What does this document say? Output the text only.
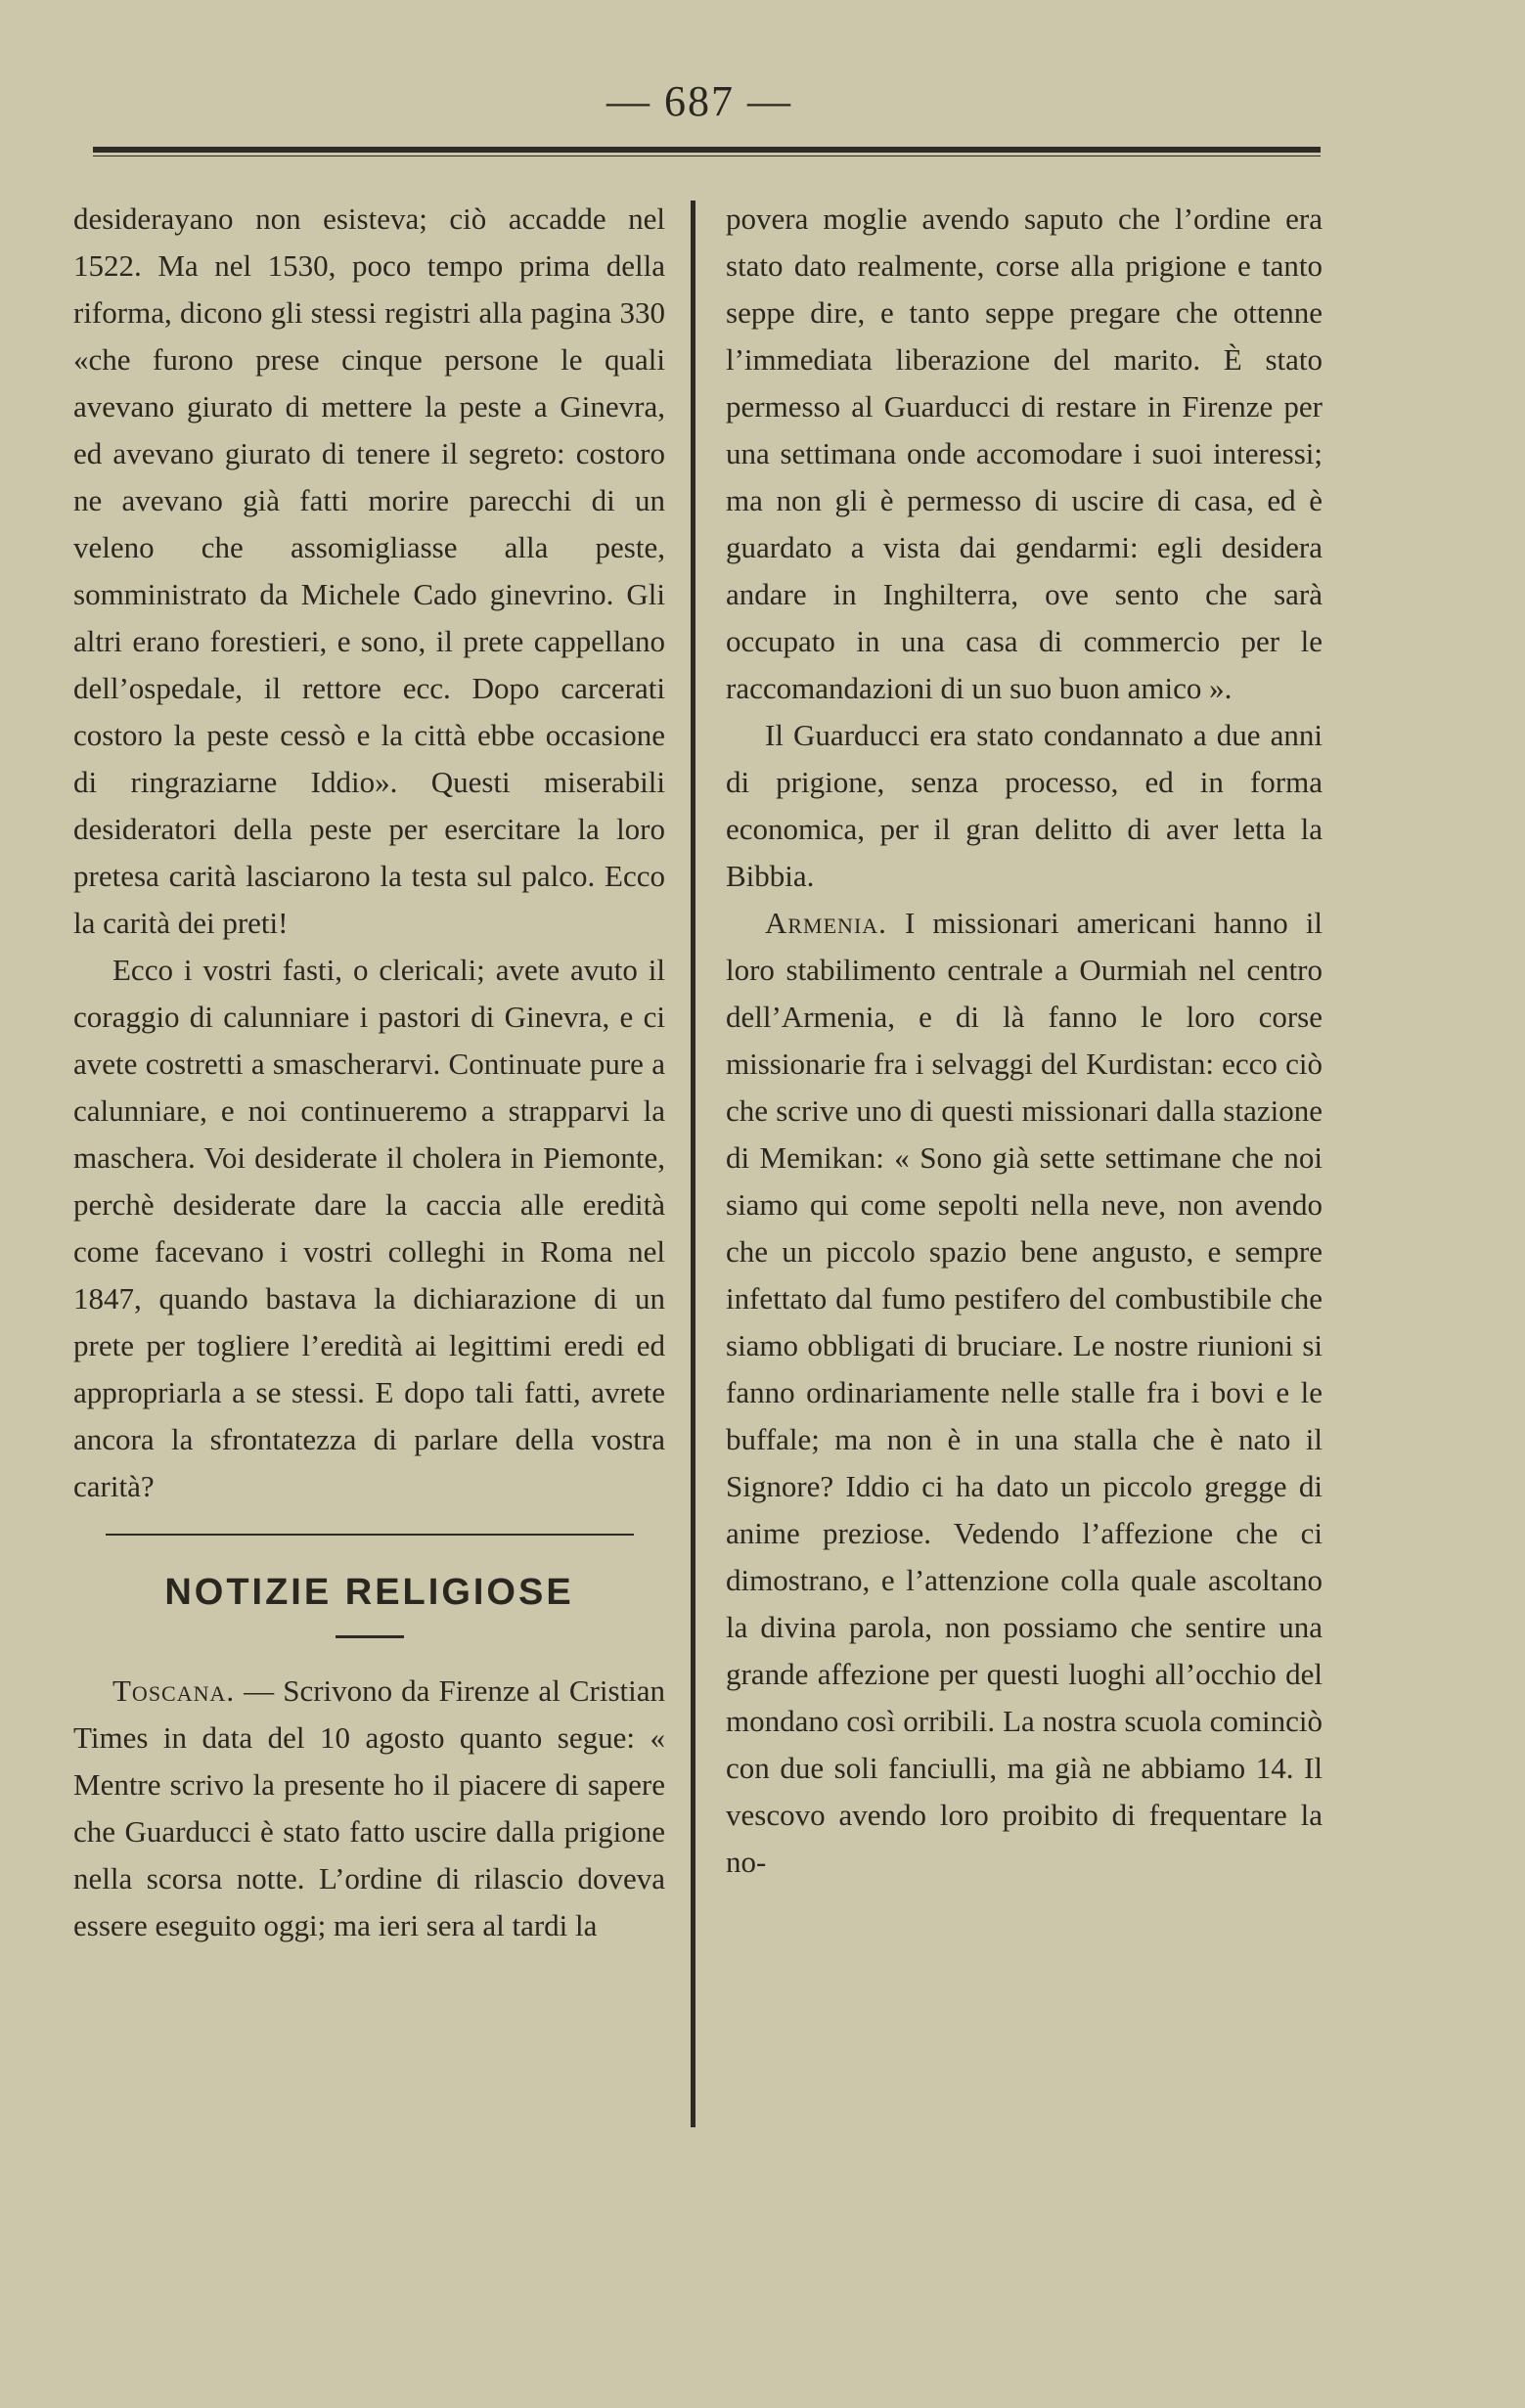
— 687 —

desiderayano non esisteva; ciò accadde nel 1522. Ma nel 1530, poco tempo prima della riforma, dicono gli stessi registri alla pagina 330 «che furono prese cinque persone le quali avevano giurato di mettere la peste a Ginevra, ed avevano giurato di tenere il segreto: costoro ne avevano già fatti morire parecchi di un veleno che assomigliasse alla peste, somministrato da Michele Cado ginevrino. Gli altri erano forestieri, e sono, il prete cappellano dell’ospedale, il rettore ecc. Dopo carcerati costoro la peste cessò e la città ebbe occasione di ringraziarne Iddio». Questi miserabili desideratori della peste per esercitare la loro pretesa carità lasciarono la testa sul palco. Ecco la carità dei preti!

Ecco i vostri fasti, o clericali; avete avuto il coraggio di calunniare i pastori di Ginevra, e ci avete costretti a smascherarvi. Continuate pure a calunniare, e noi continueremo a strapparvi la maschera. Voi desiderate il cholera in Piemonte, perchè desiderate dare la caccia alle eredità come facevano i vostri colleghi in Roma nel 1847, quando bastava la dichiarazione di un prete per togliere l’eredità ai legittimi eredi ed appropriarla a se stessi. E dopo tali fatti, avrete ancora la sfrontatezza di parlare della vostra carità?

NOTIZIE RELIGIOSE

Toscana. — Scrivono da Firenze al Cristian Times in data del 10 agosto quanto segue: « Mentre scrivo la presente ho il piacere di sapere che Guarducci è stato fatto uscire dalla prigione nella scorsa notte. L’ordine di rilascio doveva essere eseguito oggi; ma ieri sera al tardi la

povera moglie avendo saputo che l’ordine era stato dato realmente, corse alla prigione e tanto seppe dire, e tanto seppe pregare che ottenne l’immediata liberazione del marito. È stato permesso al Guarducci di restare in Firenze per una settimana onde accomodare i suoi interessi; ma non gli è permesso di uscire di casa, ed è guardato a vista dai gendarmi: egli desidera andare in Inghilterra, ove sento che sarà occupato in una casa di commercio per le raccomandazioni di un suo buon amico ».

Il Guarducci era stato condannato a due anni di prigione, senza processo, ed in forma economica, per il gran delitto di aver letta la Bibbia.

Armenia. I missionari americani hanno il loro stabilimento centrale a Ourmiah nel centro dell’Armenia, e di là fanno le loro corse missionarie fra i selvaggi del Kurdistan: ecco ciò che scrive uno di questi missionari dalla stazione di Memikan: « Sono già sette settimane che noi siamo qui come sepolti nella neve, non avendo che un piccolo spazio bene angusto, e sempre infettato dal fumo pestifero del combustibile che siamo obbligati di bruciare. Le nostre riunioni si fanno ordinariamente nelle stalle fra i bovi e le buffale; ma non è in una stalla che è nato il Signore? Iddio ci ha dato un piccolo gregge di anime preziose. Vedendo l’affezione che ci dimostrano, e l’attenzione colla quale ascoltano la divina parola, non possiamo che sentire una grande affezione per questi luoghi all’occhio del mondano così orribili. La nostra scuola cominciò con due soli fanciulli, ma già ne abbiamo 14. Il vescovo avendo loro proibito di frequentare la no-
